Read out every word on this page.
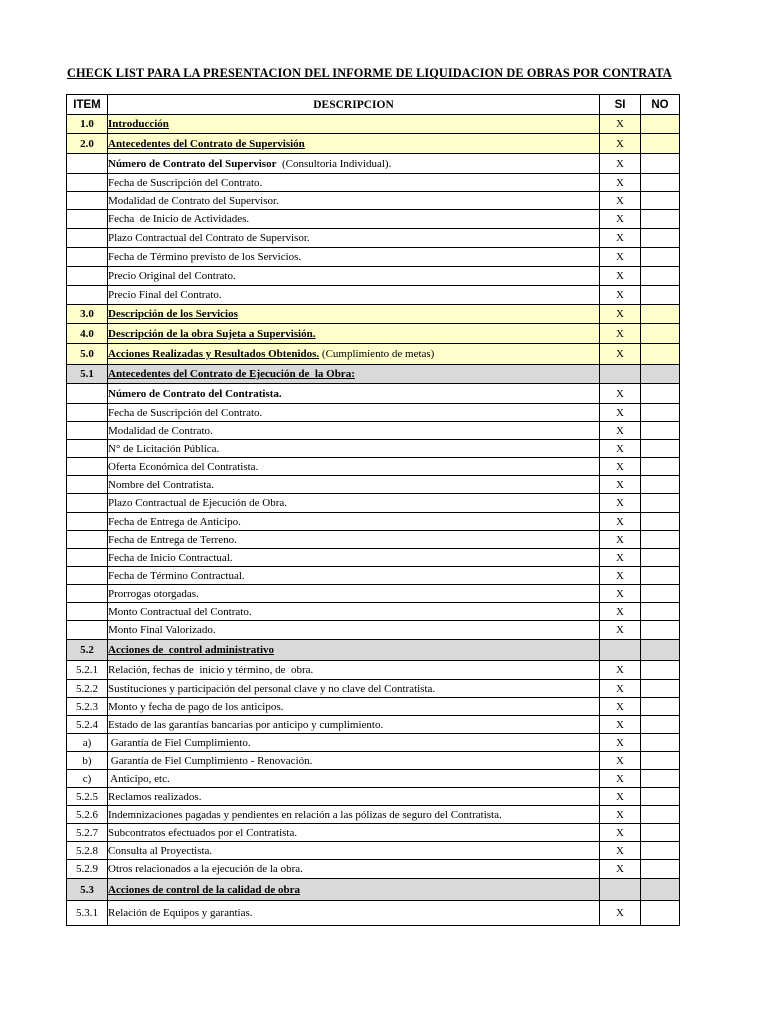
CHECK LIST PARA LA PRESENTACION DEL INFORME DE LIQUIDACION DE OBRAS POR CONTRATA
ITEM	DESCRIPCION	SI	NO
1.0	Introducción	X	
2.0	Antecedentes del Contrato de Supervisión	X	
	Número de Contrato del Supervisor  (Consultoria Individual).	X	
	Fecha de Suscripción del Contrato.	X	
	Modalidad de Contrato del Supervisor.	X	
	Fecha  de Inicio de Actividades.	X	
	Plazo Contractual del Contrato de Supervisor.	X	
	Fecha de Término previsto de los Servicios.	X	
	Precio Original del Contrato.	X	
	Precio Final del Contrato.	X	
3.0	Descripción de los Servicios	X	
4.0	Descripción de la obra Sujeta a Supervisión.	X	
5.0	Acciones Realizadas y Resultados Obtenidos. (Cumplimiento de metas)	X	
5.1	Antecedentes del Contrato de Ejecución de  la Obra:		
	Número de Contrato del Contratista.	X	
	Fecha de Suscripción del Contrato.	X	
	Modalidad de Contrato.	X	
	N° de Licitación Pública.	X	
	Oferta Económica del Contratista.	X	
	Nombre del Contratista.	X	
	Plazo Contractual de Ejecución de Obra.	X	
	Fecha de Entrega de Anticipo.	X	
	Fecha de Entrega de Terreno.	X	
	Fecha de Inicio Contractual.	X	
	Fecha de Término Contractual.	X	
	Prorrogas otorgadas.	X	
	Monto Contractual del Contrato.	X	
	Monto Final Valorizado.	X	
5.2	Acciones de  control administrativo		
5.2.1	Relación, fechas de  inicio y término, de  obra.	X	
5.2.2	Sustituciones y participación del personal clave y no clave del Contratista.	X	
5.2.3	Monto y fecha de pago de los anticipos.	X	
5.2.4	Estado de las garantías bancarias por anticipo y cumplimiento.	X	
a)	Garantía de Fiel Cumplimiento.	X	
b)	Garantía de Fiel Cumplimiento - Renovación.	X	
c)	Anticipo, etc.	X	
5.2.5	Reclamos realizados.	X	
5.2.6	Indemnizaciones pagadas y pendientes en relación a las pólizas de seguro del Contratista.	X	
5.2.7	Subcontratos efectuados por el Contratista.	X	
5.2.8	Consulta al Proyectista.	X	
5.2.9	Otros relacionados a la ejecución de la obra.	X	
5.3	Acciones de control de la calidad de obra		
5.3.1	Relación de Equipos y garantías.	X	
